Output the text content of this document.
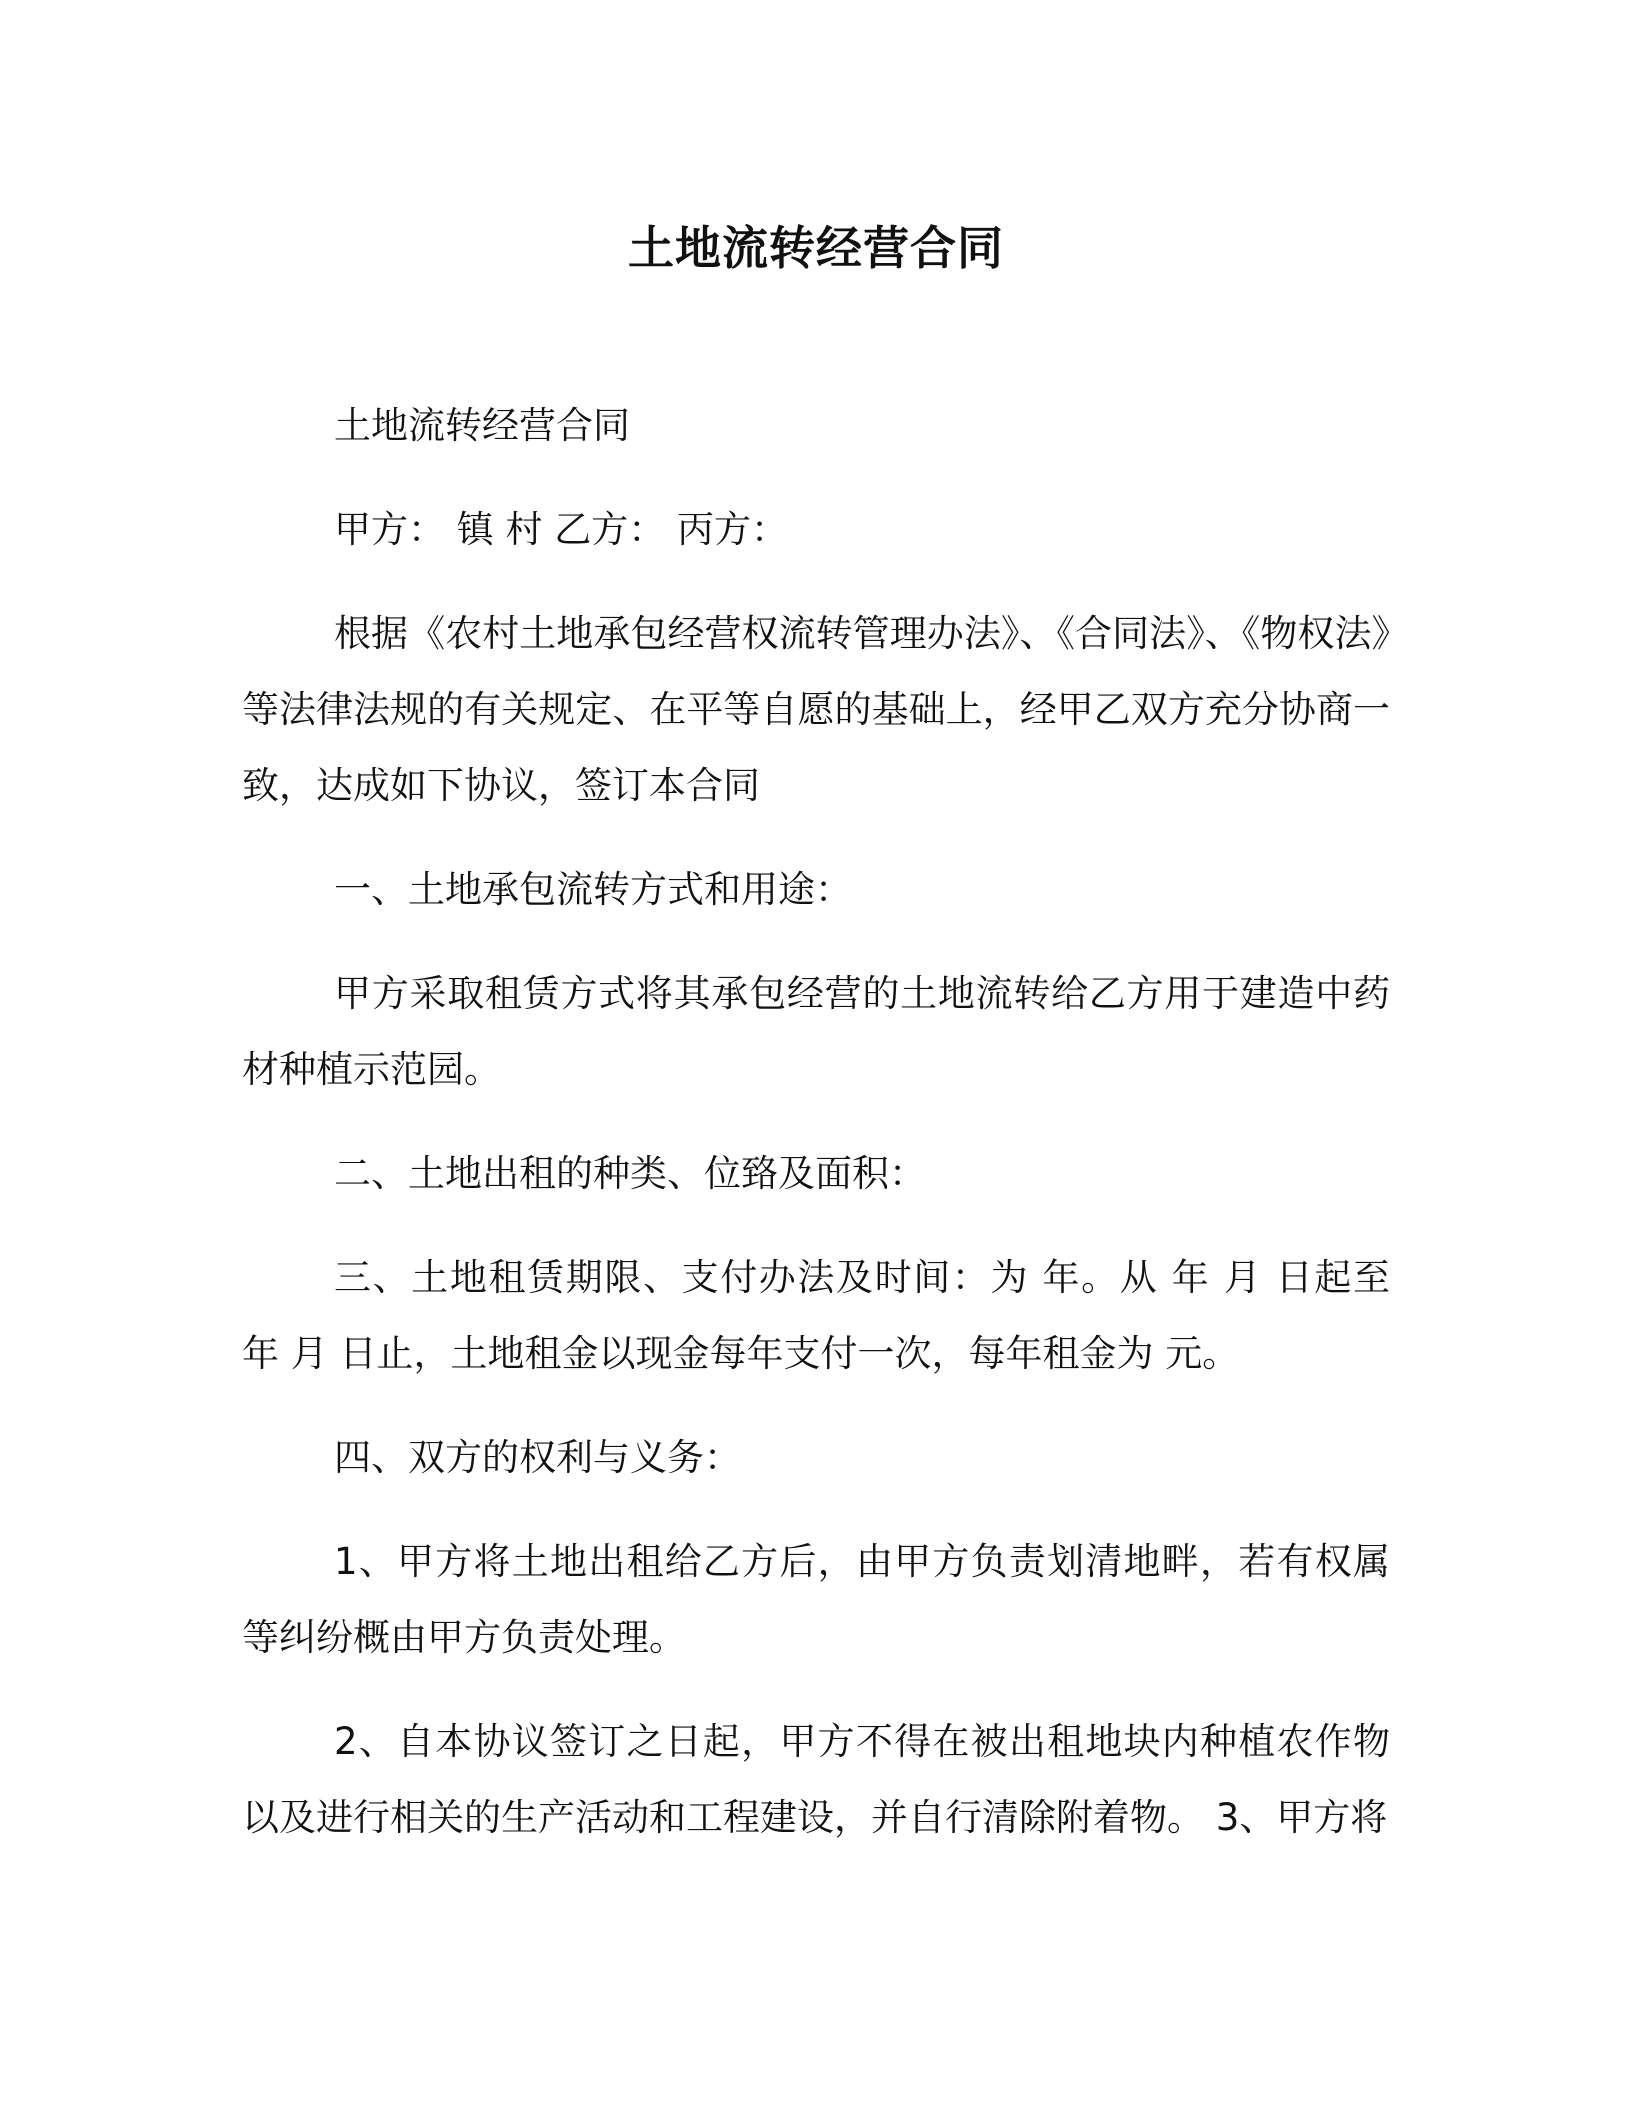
土地流转经营合同

土地流转经营合同

甲方： 镇 村 乙方： 丙方：

根据《农村土地承包经营权流转管理办法》、《合同法》、《物权法》等法律法规的有关规定、在平等自愿的基础上，经甲乙双方充分协商一致，达成如下协议，签订本合同

一、土地承包流转方式和用途：

甲方采取租赁方式将其承包经营的土地流转给乙方用于建造中药材种植示范园。

二、土地出租的种类、位臵及面积：

三、土地租赁期限、支付办法及时间：为 年。从 年 月 日起至 年 月 日止，土地租金以现金每年支付一次，每年租金为 元。

四、双方的权利与义务：

1、甲方将土地出租给乙方后，由甲方负责划清地畔，若有权属等纠纷概由甲方负责处理。

2、自本协议签订之日起，甲方不得在被出租地块内种植农作物以及进行相关的生产活动和工程建设，并自行清除附着物。 3、甲方将
